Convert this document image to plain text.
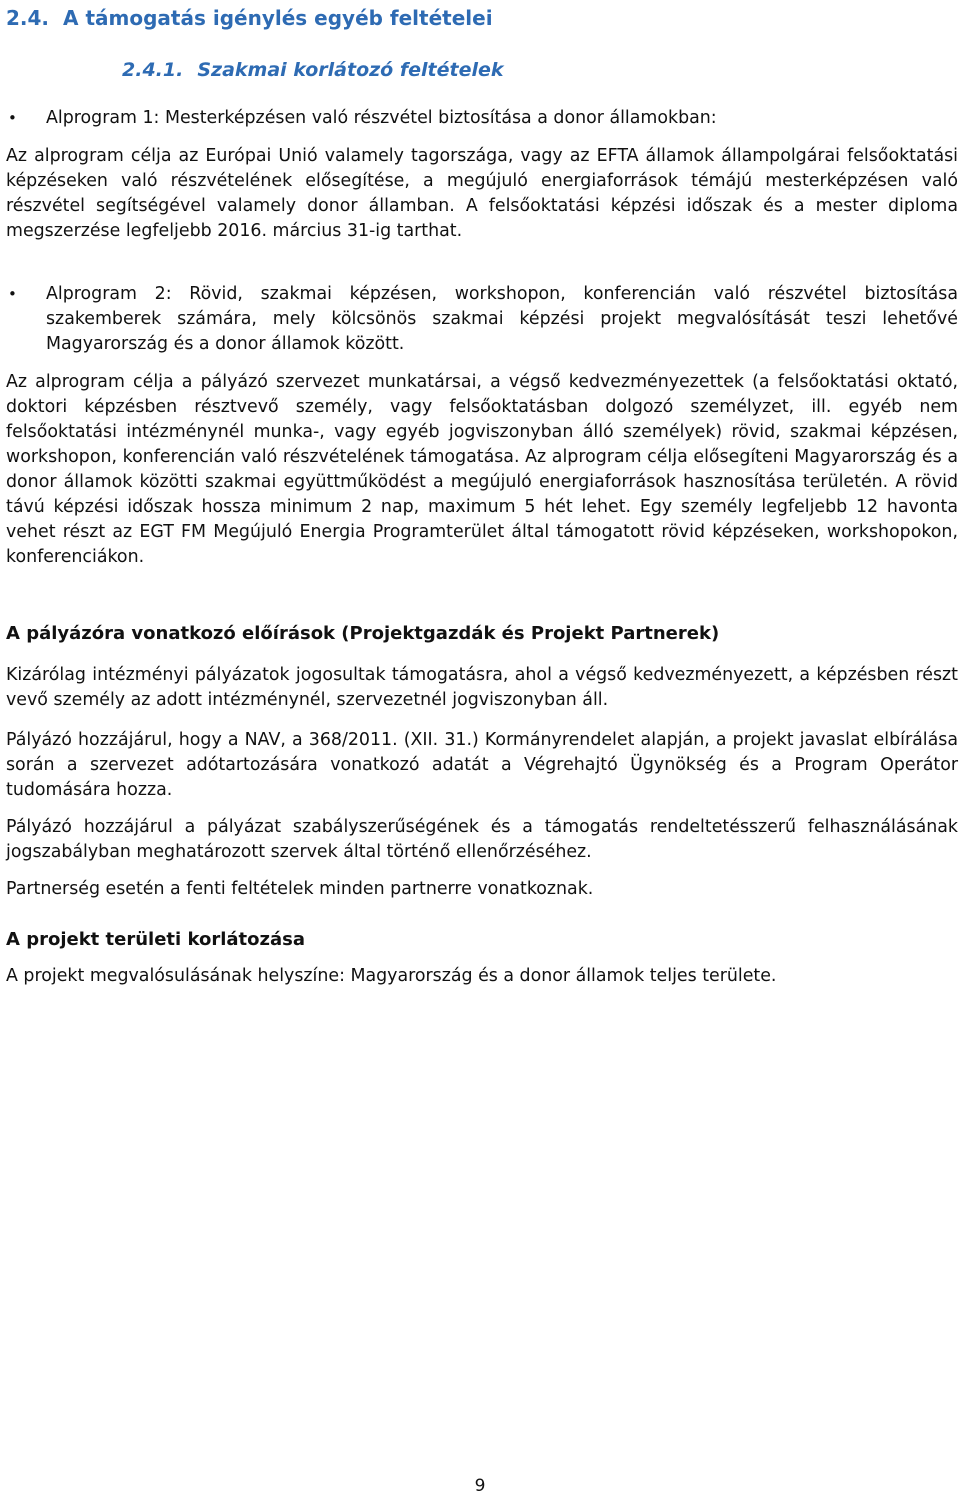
2.4. A támogatás igénylés egyéb feltételei
2.4.1. Szakmai korlátozó feltételek
• Alprogram 1: Mesterképzésen való részvétel biztosítása a donor államokban:

Az alprogram célja az Európai Unió valamely tagországa, vagy az EFTA államok állampolgárai felsőoktatási képzéseken való részvételének elősegítése, a megújuló energiaforrások témájú mesterképzésen való részvétel segítségével valamely donor államban. A felsőoktatási képzési időszak és a mester diploma megszerzése legfeljebb 2016. március 31-ig tarthat.

• Alprogram 2: Rövid, szakmai képzésen, workshopon, konferencián való részvétel biztosítása szakemberek számára, mely kölcsönös szakmai képzési projekt megvalósítását teszi lehetővé Magyarország és a donor államok között.

Az alprogram célja a pályázó szervezet munkatársai, a végső kedvezményezettek (a felsőoktatási oktató, doktori képzésben résztvevő személy, vagy felsőoktatásban dolgozó személyzet, ill. egyéb nem felsőoktatási intézménynél munka-, vagy egyéb jogviszonyban álló személyek) rövid, szakmai képzésen, workshopon, konferencián való részvételének támogatása. Az alprogram célja elősegíteni Magyarország és a donor államok közötti szakmai együttműködést a megújuló energiaforrások hasznosítása területén. A rövid távú képzési időszak hossza minimum 2 nap, maximum 5 hét lehet. Egy személy legfeljebb 12 havonta vehet részt az EGT FM Megújuló Energia Programterület által támogatott rövid képzéseken, workshopokon, konferenciákon.

A pályázóra vonatkozó előírások (Projektgazdák és Projekt Partnerek)

Kizárólag intézményi pályázatok jogosultak támogatásra, ahol a végső kedvezményezett, a képzésben részt vevő személy az adott intézménynél, szervezetnél jogviszonyban áll.

Pályázó hozzájárul, hogy a NAV, a 368/2011. (XII. 31.) Kormányrendelet alapján, a projekt javaslat elbírálása során a szervezet adótartozására vonatkozó adatát a Végrehajtó Ügynökség és a Program Operátor tudomására hozza.

Pályázó hozzájárul a pályázat szabályszerűségének és a támogatás rendeltetésszerű felhasználásának jogszabályban meghatározott szervek által történő ellenőrzéséhez.

Partnerség esetén a fenti feltételek minden partnerre vonatkoznak.

A projekt területi korlátozása

A projekt megvalósulásának helyszíne: Magyarország és a donor államok teljes területe.

9
